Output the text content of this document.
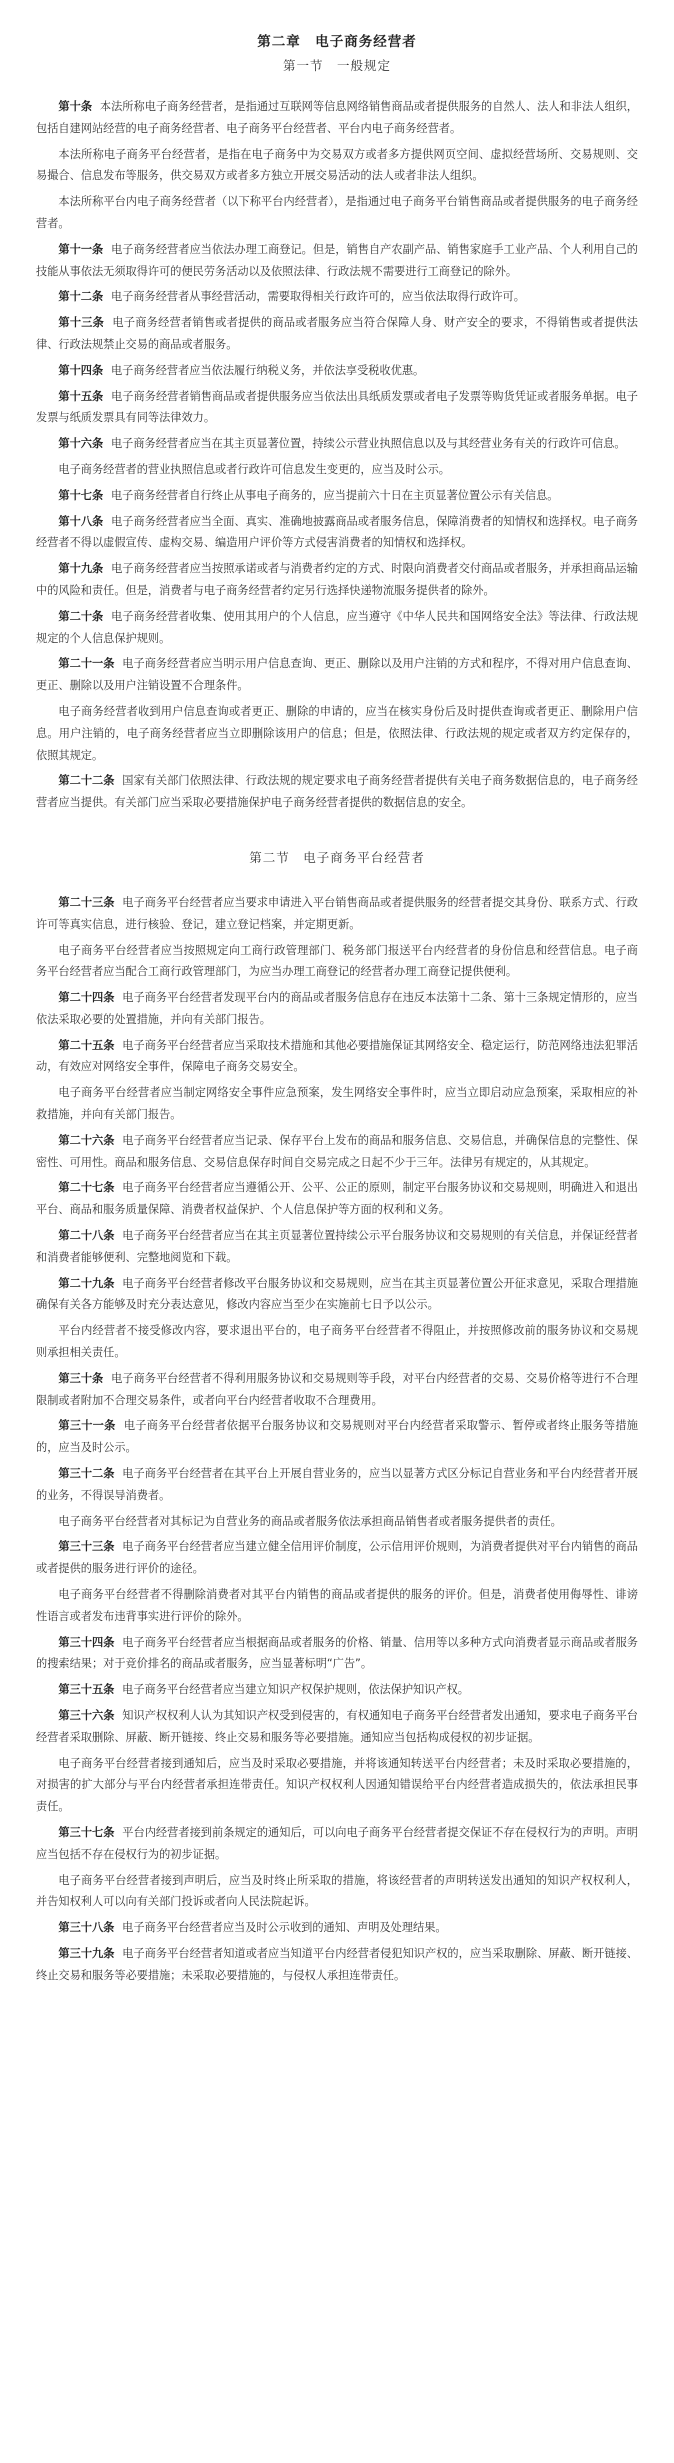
第二章　电子商务经营者
第一节　一般规定

第十条 本法所称电子商务经营者，是指通过互联网等信息网络销售商品或者提供服务的自然人、法人和非法人组织，包括自建网站经营的电子商务经营者、电子商务平台经营者、平台内电子商务经营者。

本法所称电子商务平台经营者，是指在电子商务中为交易双方或者多方提供网页空间、虚拟经营场所、交易规则、交易撮合、信息发布等服务，供交易双方或者多方独立开展交易活动的法人或者非法人组织。

本法所称平台内电子商务经营者（以下称平台内经营者），是指通过电子商务平台销售商品或者提供服务的电子商务经营者。

第十一条 电子商务经营者应当依法办理工商登记。但是，销售自产农副产品、销售家庭手工业产品、个人利用自己的技能从事依法无须取得许可的便民劳务活动以及依照法律、行政法规不需要进行工商登记的除外。

第十二条 电子商务经营者从事经营活动，需要取得相关行政许可的，应当依法取得行政许可。

第十三条 电子商务经营者销售或者提供的商品或者服务应当符合保障人身、财产安全的要求，不得销售或者提供法律、行政法规禁止交易的商品或者服务。

第十四条 电子商务经营者应当依法履行纳税义务，并依法享受税收优惠。

第十五条 电子商务经营者销售商品或者提供服务应当依法出具纸质发票或者电子发票等购货凭证或者服务单据。电子发票与纸质发票具有同等法律效力。

第十六条 电子商务经营者应当在其主页显著位置，持续公示营业执照信息以及与其经营业务有关的行政许可信息。

电子商务经营者的营业执照信息或者行政许可信息发生变更的，应当及时公示。

第十七条 电子商务经营者自行终止从事电子商务的，应当提前六十日在主页显著位置公示有关信息。

第十八条 电子商务经营者应当全面、真实、准确地披露商品或者服务信息，保障消费者的知情权和选择权。电子商务经营者不得以虚假宣传、虚构交易、编造用户评价等方式侵害消费者的知情权和选择权。

第十九条 电子商务经营者应当按照承诺或者与消费者约定的方式、时限向消费者交付商品或者服务，并承担商品运输中的风险和责任。但是，消费者与电子商务经营者约定另行选择快递物流服务提供者的除外。

第二十条 电子商务经营者收集、使用其用户的个人信息，应当遵守《中华人民共和国网络安全法》等法律、行政法规规定的个人信息保护规则。

第二十一条 电子商务经营者应当明示用户信息查询、更正、删除以及用户注销的方式和程序，不得对用户信息查询、更正、删除以及用户注销设置不合理条件。

电子商务经营者收到用户信息查询或者更正、删除的申请的，应当在核实身份后及时提供查询或者更正、删除用户信息。用户注销的，电子商务经营者应当立即删除该用户的信息；但是，依照法律、行政法规的规定或者双方约定保存的，依照其规定。

第二十二条 国家有关部门依照法律、行政法规的规定要求电子商务经营者提供有关电子商务数据信息的，电子商务经营者应当提供。有关部门应当采取必要措施保护电子商务经营者提供的数据信息的安全。

第二节　电子商务平台经营者

第二十三条 电子商务平台经营者应当要求申请进入平台销售商品或者提供服务的经营者提交其身份、联系方式、行政许可等真实信息，进行核验、登记，建立登记档案，并定期更新。

电子商务平台经营者应当按照规定向工商行政管理部门、税务部门报送平台内经营者的身份信息和经营信息。电子商务平台经营者应当配合工商行政管理部门，为应当办理工商登记的经营者办理工商登记提供便利。

第二十四条 电子商务平台经营者发现平台内的商品或者服务信息存在违反本法第十二条、第十三条规定情形的，应当依法采取必要的处置措施，并向有关部门报告。

第二十五条 电子商务平台经营者应当采取技术措施和其他必要措施保证其网络安全、稳定运行，防范网络违法犯罪活动，有效应对网络安全事件，保障电子商务交易安全。

电子商务平台经营者应当制定网络安全事件应急预案，发生网络安全事件时，应当立即启动应急预案，采取相应的补救措施，并向有关部门报告。

第二十六条 电子商务平台经营者应当记录、保存平台上发布的商品和服务信息、交易信息，并确保信息的完整性、保密性、可用性。商品和服务信息、交易信息保存时间自交易完成之日起不少于三年。法律另有规定的，从其规定。

第二十七条 电子商务平台经营者应当遵循公开、公平、公正的原则，制定平台服务协议和交易规则，明确进入和退出平台、商品和服务质量保障、消费者权益保护、个人信息保护等方面的权利和义务。

第二十八条 电子商务平台经营者应当在其主页显著位置持续公示平台服务协议和交易规则的有关信息，并保证经营者和消费者能够便利、完整地阅览和下载。

第二十九条 电子商务平台经营者修改平台服务协议和交易规则，应当在其主页显著位置公开征求意见，采取合理措施确保有关各方能够及时充分表达意见，修改内容应当至少在实施前七日予以公示。

平台内经营者不接受修改内容，要求退出平台的，电子商务平台经营者不得阻止，并按照修改前的服务协议和交易规则承担相关责任。

第三十条 电子商务平台经营者不得利用服务协议和交易规则等手段，对平台内经营者的交易、交易价格等进行不合理限制或者附加不合理交易条件，或者向平台内经营者收取不合理费用。

第三十一条 电子商务平台经营者依据平台服务协议和交易规则对平台内经营者采取警示、暂停或者终止服务等措施的，应当及时公示。

第三十二条 电子商务平台经营者在其平台上开展自营业务的，应当以显著方式区分标记自营业务和平台内经营者开展的业务，不得误导消费者。

电子商务平台经营者对其标记为自营业务的商品或者服务依法承担商品销售者或者服务提供者的责任。

第三十三条 电子商务平台经营者应当建立健全信用评价制度，公示信用评价规则，为消费者提供对平台内销售的商品或者提供的服务进行评价的途径。

电子商务平台经营者不得删除消费者对其平台内销售的商品或者提供的服务的评价。但是，消费者使用侮辱性、诽谤性语言或者发布违背事实进行评价的除外。

第三十四条 电子商务平台经营者应当根据商品或者服务的价格、销量、信用等以多种方式向消费者显示商品或者服务的搜索结果；对于竞价排名的商品或者服务，应当显著标明“广告”。

第三十五条 电子商务平台经营者应当建立知识产权保护规则，依法保护知识产权。

第三十六条 知识产权权利人认为其知识产权受到侵害的，有权通知电子商务平台经营者发出通知，要求电子商务平台经营者采取删除、屏蔽、断开链接、终止交易和服务等必要措施。通知应当包括构成侵权的初步证据。

电子商务平台经营者接到通知后，应当及时采取必要措施，并将该通知转送平台内经营者；未及时采取必要措施的，对损害的扩大部分与平台内经营者承担连带责任。知识产权权利人因通知错误给平台内经营者造成损失的，依法承担民事责任。

第三十七条 平台内经营者接到前条规定的通知后，可以向电子商务平台经营者提交保证不存在侵权行为的声明。声明应当包括不存在侵权行为的初步证据。

电子商务平台经营者接到声明后，应当及时终止所采取的措施，将该经营者的声明转送发出通知的知识产权权利人，并告知权利人可以向有关部门投诉或者向人民法院起诉。

第三十八条 电子商务平台经营者应当及时公示收到的通知、声明及处理结果。

第三十九条 电子商务平台经营者知道或者应当知道平台内经营者侵犯知识产权的，应当采取删除、屏蔽、断开链接、终止交易和服务等必要措施；未采取必要措施的，与侵权人承担连带责任。
